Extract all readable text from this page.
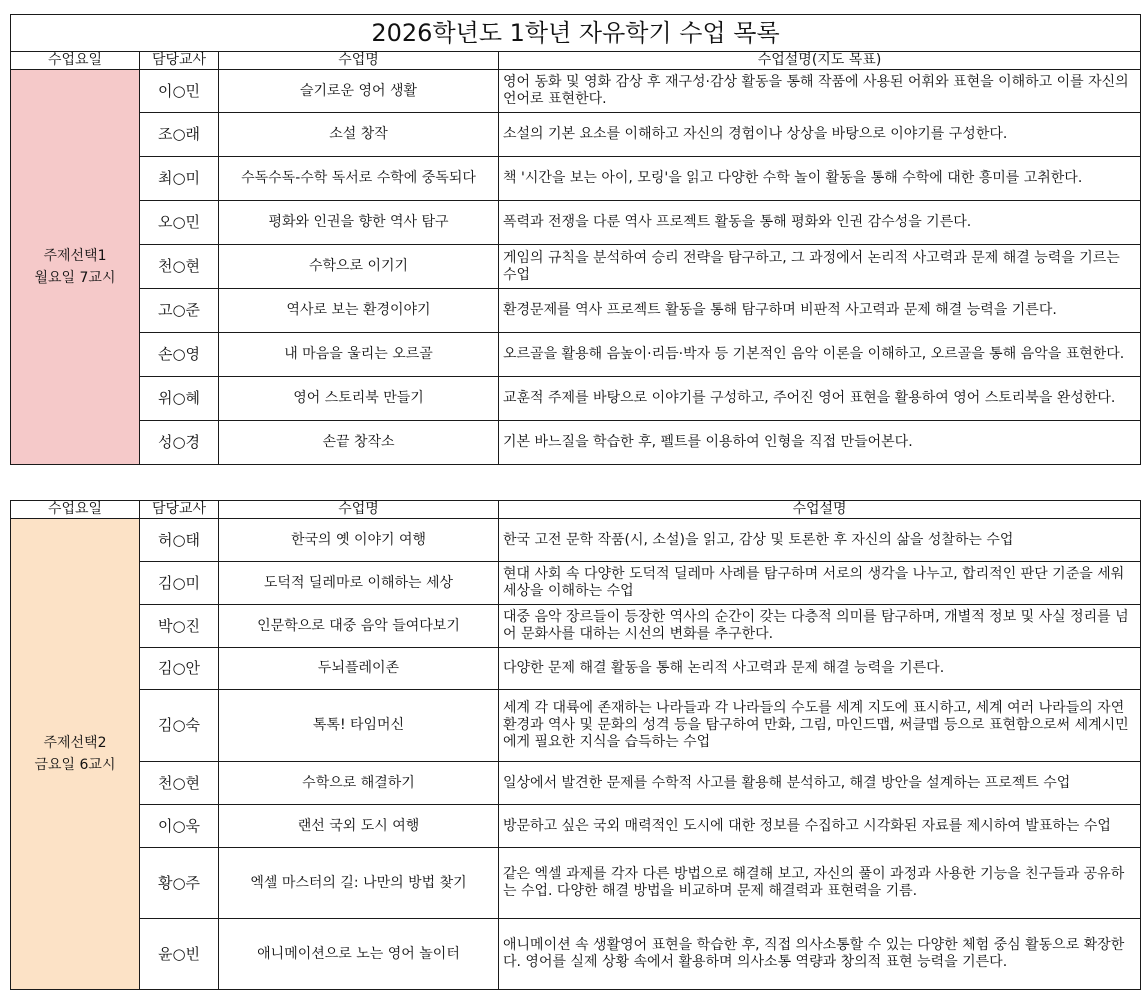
2026학년도 1학년 자유학기 수업 목록			
수업요일	담당교사	수업명	수업설명(지도 목표)

주제선택1
월요일 7교시	이○민	슬기로운 영어 생활	영어 동화 및 영화 감상 후 재구성·감상 활동을 통해 작품에 사용된 어휘와 표현을 이해하고 이를 자신의 언어로 표현한다.
	조○래	소설 창작	소설의 기본 요소를 이해하고 자신의 경험이나 상상을 바탕으로 이야기를 구성한다.
	최○미	수독수독-수학 독서로 수학에 중독되다	책 '시간을 보는 아이, 모링'을 읽고 다양한 수학 놀이 활동을 통해 수학에 대한 흥미를 고취한다.
	오○민	평화와 인권을 향한 역사 탐구	폭력과 전쟁을 다룬 역사 프로젝트 활동을 통해 평화와 인권 감수성을 기른다.
	천○현	수학으로 이기기	게임의 규칙을 분석하여 승리 전략을 탐구하고, 그 과정에서 논리적 사고력과 문제 해결 능력을 기르는 수업
	고○준	역사로 보는 환경이야기	환경문제를 역사 프로젝트 활동을 통해 탐구하며 비판적 사고력과 문제 해결 능력을 기른다.
	손○영	내 마음을 울리는 오르골	오르골을 활용해 음높이·리듬·박자 등 기본적인 음악 이론을 이해하고, 오르골을 통해 음악을 표현한다.
	위○혜	영어 스토리북 만들기	교훈적 주제를 바탕으로 이야기를 구성하고, 주어진 영어 표현을 활용하여 영어 스토리북을 완성한다.
	성○경	손끝 창작소	기본 바느질을 학습한 후, 펠트를 이용하여 인형을 직접 만들어본다.
수업요일	담당교사	수업명	수업설명

주제선택2
금요일 6교시	허○태	한국의 옛 이야기 여행	한국 고전 문학 작품(시, 소설)을 읽고, 감상 및 토론한 후 자신의 삶을 성찰하는 수업
	김○미	도덕적 딜레마로 이해하는 세상	현대 사회 속 다양한 도덕적 딜레마 사례를 탐구하며 서로의 생각을 나누고, 합리적인 판단 기준을 세워 세상을 이해하는 수업
	박○진	인문학으로 대중 음악 들여다보기	대중 음악 장르들이 등장한 역사의 순간이 갖는 다층적 의미를 탐구하며, 개별적 정보 및 사실 정리를 넘어 문화사를 대하는 시선의 변화를 추구한다.
	김○안	두뇌플레이존	다양한 문제 해결 활동을 통해 논리적 사고력과 문제 해결 능력을 기른다.
	김○숙	톡톡! 타임머신	세계 각 대륙에 존재하는 나라들과 각 나라들의 수도를 세계 지도에 표시하고, 세계 여러 나라들의 자연환경과 역사 및 문화의 성격 등을 탐구하여 만화, 그림, 마인드맵, 써클맵 등으로 표현함으로써 세계시민에게 필요한 지식을 습득하는 수업
	천○현	수학으로 해결하기	일상에서 발견한 문제를 수학적 사고를 활용해 분석하고, 해결 방안을 설계하는 프로젝트 수업
	이○욱	랜선 국외 도시 여행	방문하고 싶은 국외 매력적인 도시에 대한 정보를 수집하고 시각화된 자료를 제시하여 발표하는 수업
	황○주	엑셀 마스터의 길: 나만의 방법 찾기	같은 엑셀 과제를 각자 다른 방법으로 해결해 보고, 자신의 풀이 과정과 사용한 기능을 친구들과 공유하는 수업. 다양한 해결 방법을 비교하며 문제 해결력과 표현력을 기름.
	윤○빈	애니메이션으로 노는 영어 놀이터	애니메이션 속 생활영어 표현을 학습한 후, 직접 의사소통할 수 있는 다양한 체험 중심 활동으로 확장한다. 영어를 실제 상황 속에서 활용하며 의사소통 역량과 창의적 표현 능력을 기른다.
